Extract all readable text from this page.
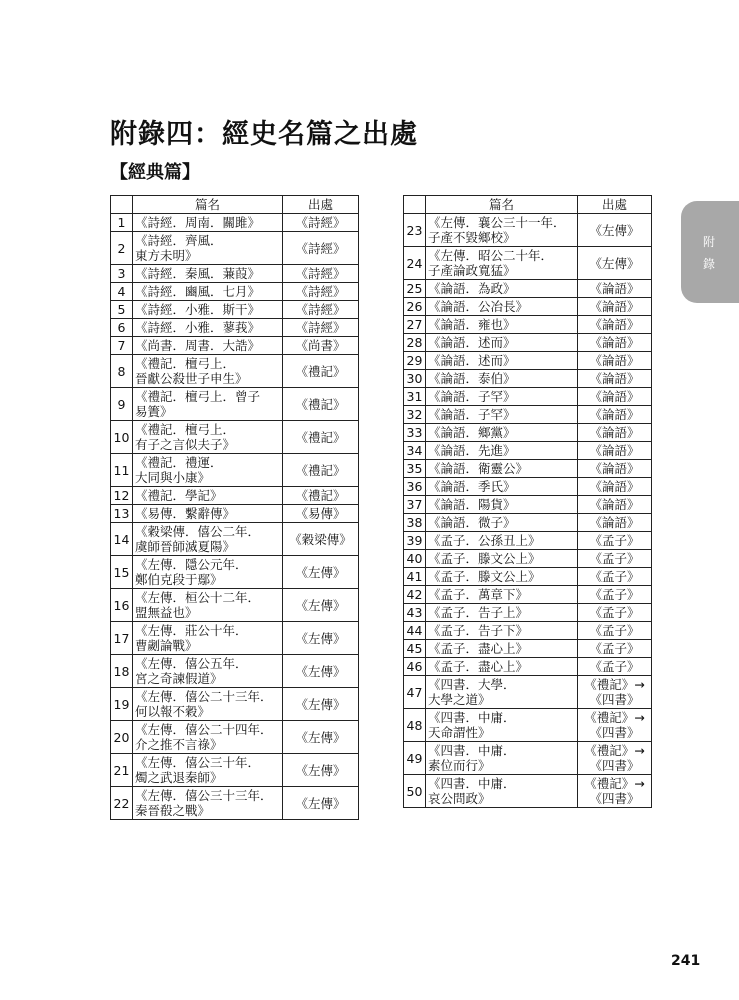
附錄四：經史名篇之出處
【經典篇】
	篇名	出處
1	《詩經．周南．關雎》	《詩經》
2	《詩經．齊風．
東方未明》	《詩經》
3	《詩經．秦風．蒹葭》	《詩經》
4	《詩經．豳風．七月》	《詩經》
5	《詩經．小雅．斯干》	《詩經》
6	《詩經．小雅．蓼莪》	《詩經》
7	《尚書．周書．大誥》	《尚書》
8	《禮記．檀弓上．
晉獻公殺世子申生》	《禮記》
9	《禮記．檀弓上．曾子
易簀》	《禮記》
10	《禮記．檀弓上．
有子之言似夫子》	《禮記》
11	《禮記．禮運．
大同與小康》	《禮記》
12	《禮記．學記》	《禮記》
13	《易傳．繫辭傳》	《易傳》
14	《穀梁傳．僖公二年．
虞師晉師滅夏陽》	《穀梁傳》
15	《左傳．隱公元年．
鄭伯克段于鄢》	《左傳》
16	《左傳．桓公十二年．
盟無益也》	《左傳》
17	《左傳．莊公十年．
曹劌論戰》	《左傳》
18	《左傳．僖公五年．
宮之奇諫假道》	《左傳》
19	《左傳．僖公二十三年．
何以報不穀》	《左傳》
20	《左傳．僖公二十四年．
介之推不言祿》	《左傳》
21	《左傳．僖公三十年．
燭之武退秦師》	《左傳》
22	《左傳．僖公三十三年．
秦晉殽之戰》	《左傳》
	篇名	出處
23	《左傳．襄公三十一年．
子產不毀鄉校》	《左傳》
24	《左傳．昭公二十年．
子產論政寬猛》	《左傳》
25	《論語．為政》	《論語》
26	《論語．公冶長》	《論語》
27	《論語．雍也》	《論語》
28	《論語．述而》	《論語》
29	《論語．述而》	《論語》
30	《論語．泰伯》	《論語》
31	《論語．子罕》	《論語》
32	《論語．子罕》	《論語》
33	《論語．鄉黨》	《論語》
34	《論語．先進》	《論語》
35	《論語．衛靈公》	《論語》
36	《論語．季氏》	《論語》
37	《論語．陽貨》	《論語》
38	《論語．微子》	《論語》
39	《孟子．公孫丑上》	《孟子》
40	《孟子．滕文公上》	《孟子》
41	《孟子．滕文公上》	《孟子》
42	《孟子．萬章下》	《孟子》
43	《孟子．告子上》	《孟子》
44	《孟子．告子下》	《孟子》
45	《孟子．盡心上》	《孟子》
46	《孟子．盡心上》	《孟子》
47	《四書．大學．
大學之道》	《禮記》→
《四書》
48	《四書．中庸．
天命謂性》	《禮記》→
《四書》
49	《四書．中庸．
素位而行》	《禮記》→
《四書》
50	《四書．中庸．
哀公問政》	《禮記》→
《四書》
附
錄
241
